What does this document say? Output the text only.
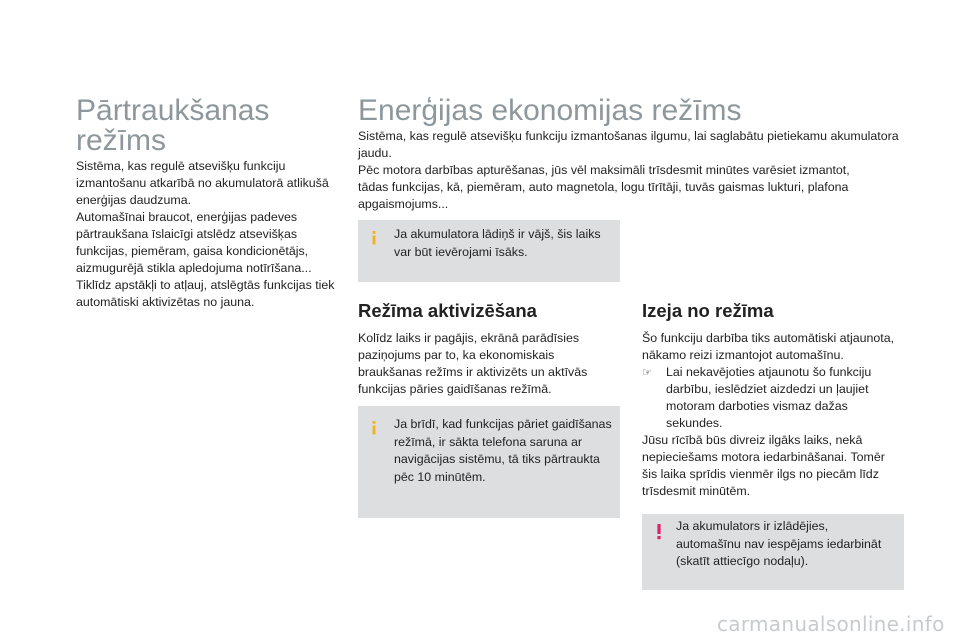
Pārtraukšanas
režīms

Sistēma, kas regulē atsevišķu funkciju izmantošanu atkarībā no akumulatorā atlikušā enerģijas daudzuma.

Automašīnai braucot, enerģijas padeves pārtraukšana īslaicīgi atslēdz atsevišķas funkcijas, piemēram, gaisa kondicionētājs, aizmugurējā stikla apledojuma notīrīšana...

Tiklīdz apstākļi to atļauj, atslēgtās funkcijas tiek automātiski aktivizētas no jauna.

Enerģijas ekonomijas režīms

Sistēma, kas regulē atsevišķu funkciju izmantošanas ilgumu, lai saglabātu pietiekamu akumulatora jaudu.

Pēc motora darbības apturēšanas, jūs vēl maksimāli trīsdesmit minūtes varēsiet izmantot, tādas funkcijas, kā, piemēram, auto magnetola, logu tīrītāji, tuvās gaismas lukturi, plafona apgaismojums...

Ja akumulatora lādiņš ir vājš, šis laiks var būt ievērojami īsāks.
Režīma aktivizēšana
Kolīdz laiks ir pagājis, ekrānā parādīsies paziņojums par to, ka ekonomiskais braukšanas režīms ir aktivizēts un aktīvās funkcijas pāries gaidīšanas režīmā.
Ja brīdī, kad funkcijas pāriet gaidīšanas režīmā, ir sākta telefona saruna ar navigācijas sistēmu, tā tiks pārtraukta pēc 10 minūtēm.
Izeja no režīma

Šo funkciju darbība tiks automātiski atjaunota, nākamo reizi izmantojot automašīnu.

☞ Lai nekavējoties atjaunotu šo funkciju darbību, ieslēdziet aizdedzi un ļaujiet motoram darboties vismaz dažas sekundes.

Jūsu rīcībā būs divreiz ilgāks laiks, nekā nepieciešams motora iedarbināšanai. Tomēr šis laika sprīdis vienmēr ilgs no piecām līdz trīsdesmit minūtēm.

Ja akumulators ir izlādējies, automašīnu nav iespējams iedarbināt (skatīt attiecīgo nodaļu).
carmanualsonline.info
